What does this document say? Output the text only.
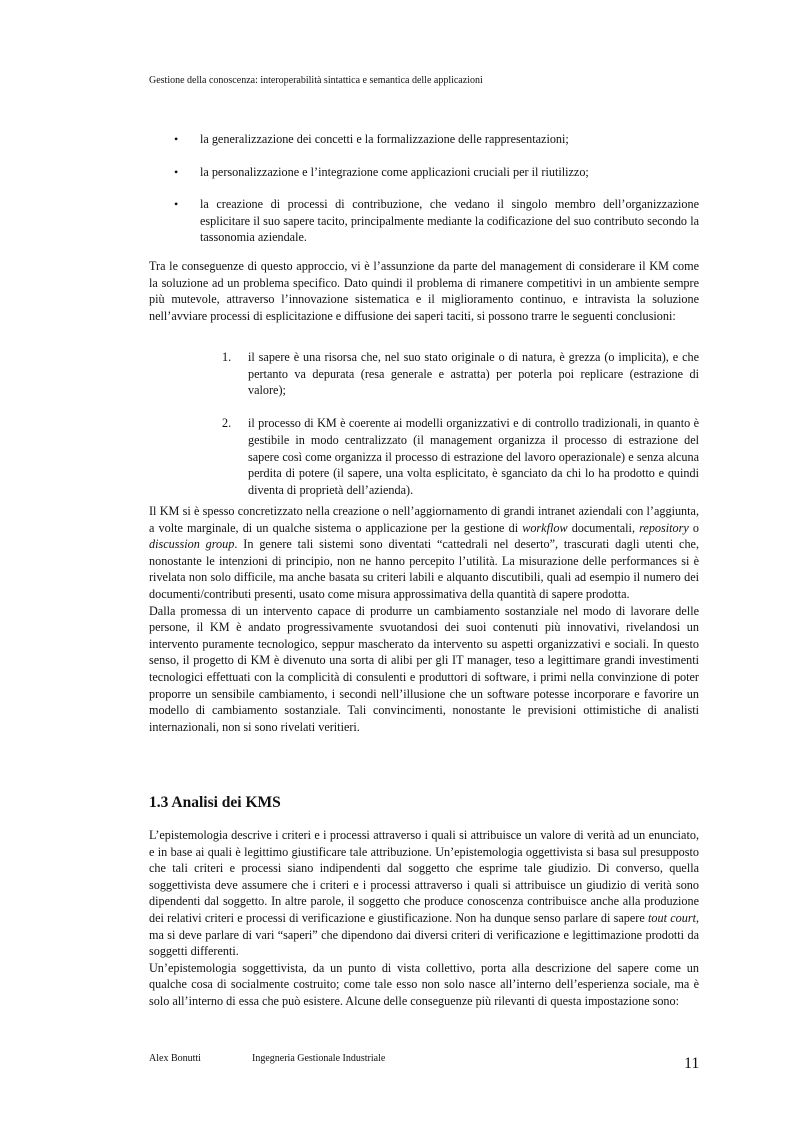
Gestione della conoscenza: interoperabilità sintattica e semantica delle applicazioni
• la generalizzazione dei concetti e la formalizzazione delle rappresentazioni;

• la personalizzazione e l’integrazione come applicazioni cruciali per il riutilizzo;

• la creazione di processi di contribuzione, che vedano il singolo membro dell’organizzazione esplicitare il suo sapere tacito, principalmente mediante la codificazione del suo contributo secondo la tassonomia aziendale.

Tra le conseguenze di questo approccio, vi è l’assunzione da parte del management di considerare il KM come la soluzione ad un problema specifico. Dato quindi il problema di rimanere competitivi in un ambiente sempre più mutevole, attraverso l’innovazione sistematica e il miglioramento continuo, e intravista la soluzione nell’avviare processi di esplicitazione e diffusione dei saperi taciti, si possono trarre le seguenti conclusioni:

1. il sapere è una risorsa che, nel suo stato originale o di natura, è grezza (o implicita), e che pertanto va depurata (resa generale e astratta) per poterla poi replicare (estrazione di valore);

2. il processo di KM è coerente ai modelli organizzativi e di controllo tradizionali, in quanto è gestibile in modo centralizzato (il management organizza il processo di estrazione del sapere così come organizza il processo di estrazione del lavoro operazionale) e senza alcuna perdita di potere (il sapere, una volta esplicitato, è sganciato da chi lo ha prodotto e quindi diventa di proprietà dell’azienda).

Il KM si è spesso concretizzato nella creazione o nell’aggiornamento di grandi intranet aziendali con l’aggiunta, a volte marginale, di un qualche sistema o applicazione per la gestione di workflow documentali, repository o discussion group. In genere tali sistemi sono diventati “cattedrali nel deserto”, trascurati dagli utenti che, nonostante le intenzioni di principio, non ne hanno percepito l’utilità. La misurazione delle performances si è rivelata non solo difficile, ma anche basata su criteri labili e alquanto discutibili, quali ad esempio il numero dei documenti/contributi presenti, usato come misura approssimativa della quantità di sapere prodotta.

Dalla promessa di un intervento capace di produrre un cambiamento sostanziale nel modo di lavorare delle persone, il KM è andato progressivamente svuotandosi dei suoi contenuti più innovativi, rivelandosi un intervento puramente tecnologico, seppur mascherato da intervento su aspetti organizzativi e sociali. In questo senso, il progetto di KM è divenuto una sorta di alibi per gli IT manager, teso a legittimare grandi investimenti tecnologici effettuati con la complicità di consulenti e produttori di software, i primi nella convinzione di poter proporre un sensibile cambiamento, i secondi nell’illusione che un software potesse incorporare e favorire un modello di cambiamento sostanziale. Tali convincimenti, nonostante le previsioni ottimistiche di analisti internazionali, non si sono rivelati veritieri.

1.3 Analisi dei KMS

L’epistemologia descrive i criteri e i processi attraverso i quali si attribuisce un valore di verità ad un enunciato, e in base ai quali è legittimo giustificare tale attribuzione. Un’epistemologia oggettivista si basa sul presupposto che tali criteri e processi siano indipendenti dal soggetto che esprime tale giudizio. Di converso, quella soggettivista deve assumere che i criteri e i processi attraverso i quali si attribuisce un giudizio di verità sono dipendenti dal soggetto. In altre parole, il soggetto che produce conoscenza contribuisce anche alla produzione dei relativi criteri e processi di verificazione e giustificazione. Non ha dunque senso parlare di sapere tout court, ma si deve parlare di vari “saperi” che dipendono dai diversi criteri di verificazione e legittimazione prodotti da soggetti differenti.

Un’epistemologia soggettivista, da un punto di vista collettivo, porta alla descrizione del sapere come un qualche cosa di socialmente costruito; come tale esso non solo nasce all’interno dell’esperienza sociale, ma è solo all’interno di essa che può esistere. Alcune delle conseguenze più rilevanti di questa impostazione sono:

Alex Bonutti	Ingegneria Gestionale Industriale	11
